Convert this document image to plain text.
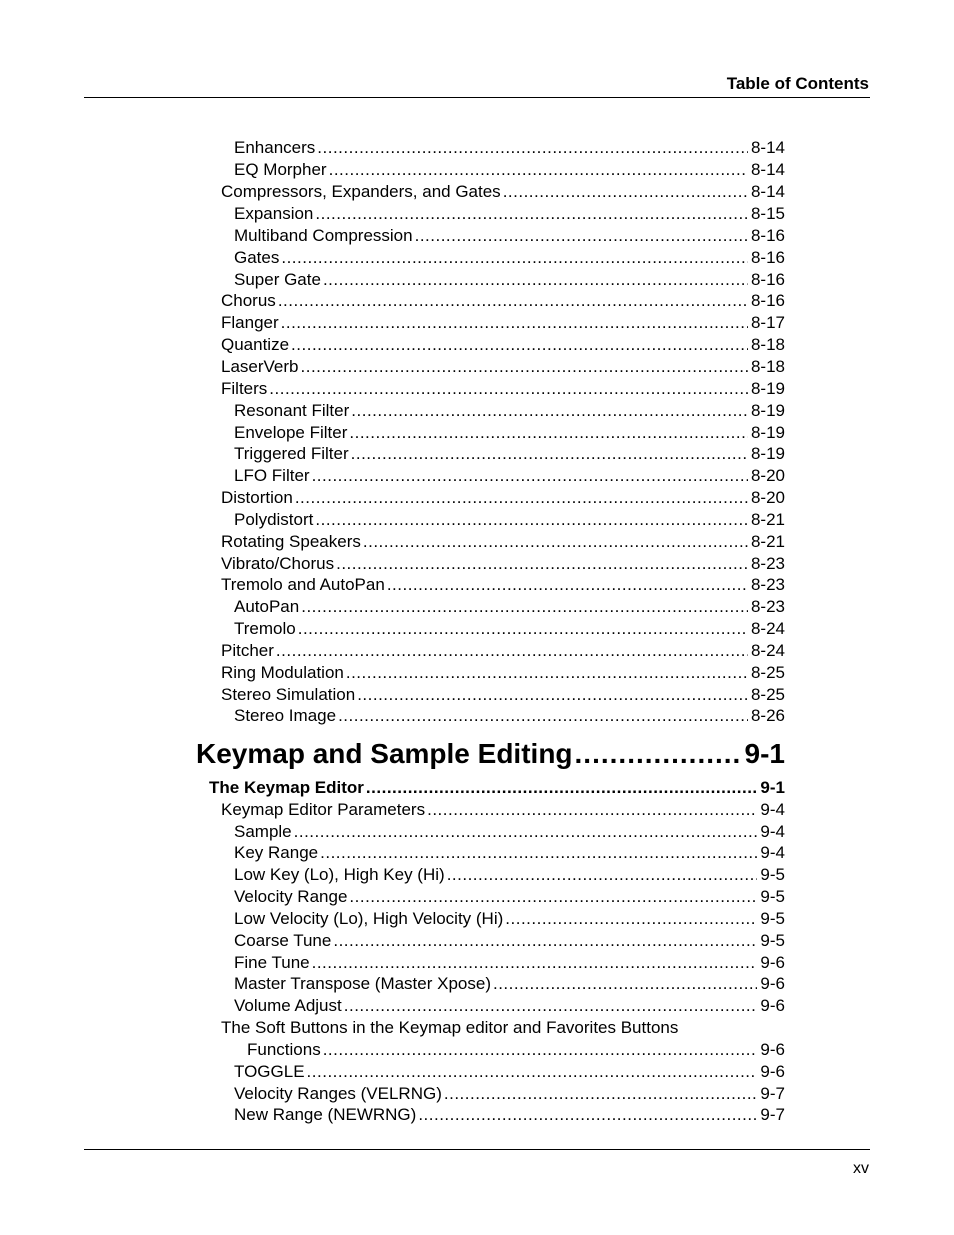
Table of Contents
Enhancers .....	8-14
EQ Morpher .....	8-14
Compressors, Expanders, and Gates .....	8-14
Expansion .....	8-15
Multiband Compression .....	8-16
Gates .....	8-16
Super Gate .....	8-16
Chorus .....	8-16
Flanger .....	8-17
Quantize .....	8-18
LaserVerb .....	8-18
Filters .....	8-19
Resonant Filter .....	8-19
Envelope Filter .....	8-19
Triggered Filter .....	8-19
LFO Filter .....	8-20
Distortion .....	8-20
Polydistort .....	8-21
Rotating Speakers .....	8-21
Vibrato/Chorus .....	8-23
Tremolo and AutoPan .....	8-23
AutoPan .....	8-23
Tremolo .....	8-24
Pitcher .....	8-24
Ring Modulation .....	8-25
Stereo Simulation .....	8-25
Stereo Image .....	8-26
Keymap and Sample Editing .....	9-1
The Keymap Editor .....	9-1
Keymap Editor Parameters .....	9-4
Sample .....	9-4
Key Range .....	9-4
Low Key (Lo), High Key (Hi) .....	9-5
Velocity Range .....	9-5
Low Velocity (Lo), High Velocity (Hi) .....	9-5
Coarse Tune .....	9-5
Fine Tune .....	9-6
Master Transpose (Master Xpose) .....	9-6
Volume Adjust .....	9-6
The Soft Buttons in the Keymap editor and Favorites Buttons
Functions .....	9-6
TOGGLE .....	9-6
Velocity Ranges (VELRNG) .....	9-7
New Range (NEWRNG) .....	9-7
xv
